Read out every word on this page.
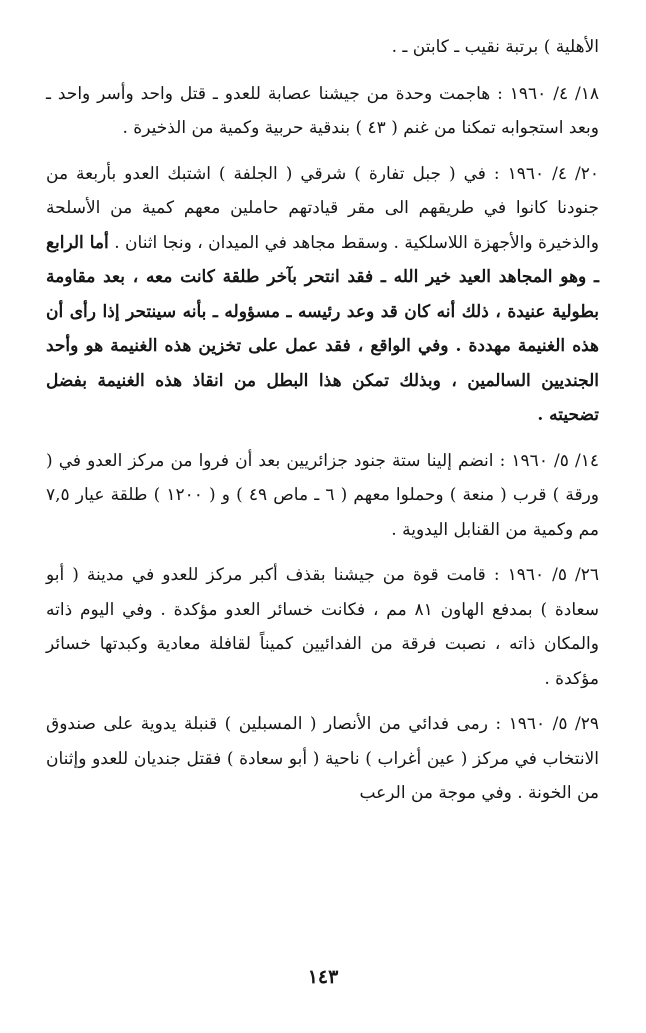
الأهلية ) برتبة نقيب ـ كابتن ـ .

١٨/ ٤/ ١٩٦٠ : هاجمت وحدة من جيشنا عصابة للعدو ـ قتل واحد وأسر واحد ـ وبعد استجوابه تمكنا من غنم ( ٤٣ ) بندقية حربية وكمية من الذخيرة .

٢٠/ ٤/ ١٩٦٠ : في ( جبل تفارة ) شرقي ( الجلفة ) اشتبك العدو بأربعة من جنودنا كانوا في طريقهم الى مقر قيادتهم حاملين معهم كمية من الأسلحة والذخيرة والأجهزة اللاسلكية . وسقط مجاهد في الميدان ، ونجا اثنان . أما الرابع ـ وهو المجاهد العيد خير الله ـ فقد انتحر بآخر طلقة كانت معه ، بعد مقاومة بطولية عنيدة ، ذلك أنه كان قد وعد رئيسه ـ مسؤوله ـ بأنه سينتحر إذا رأى أن هذه الغنيمة مهددة . وفي الواقع ، فقد عمل على تخزين هذه الغنيمة هو وأحد الجنديين السالمين ، وبذلك تمكن هذا البطل من انقاذ هذه الغنيمة بفضل تضحيته .

١٤/ ٥/ ١٩٦٠ : انضم إلينا ستة جنود جزائريين بعد أن فروا من مركز العدو في ( ورقة ) قرب ( منعة ) وحملوا معهم ( ٦ ـ ماص ٤٩ ) و ( ١٢٠٠ ) طلقة عيار ٧,٥ مم وكمية من القنابل اليدوية .

٢٦/ ٥/ ١٩٦٠ : قامت قوة من جيشنا بقذف أكبر مركز للعدو في مدينة ( أبو سعادة ) بمدفع الهاون ٨١ مم ، فكانت خسائر العدو مؤكدة . وفي اليوم ذاته والمكان ذاته ، نصبت فرقة من الفدائيين كميناً لقافلة معادية وكبدتها خسائر مؤكدة .

٢٩/ ٥/ ١٩٦٠ : رمى فدائي من الأنصار ( المسبلين ) قنبلة يدوية على صندوق الانتخاب في مركز ( عين أغراب ) ناحية ( أبو سعادة ) فقتل جنديان للعدو وإثنان من الخونة . وفي موجة من الرعب

١٤٣
